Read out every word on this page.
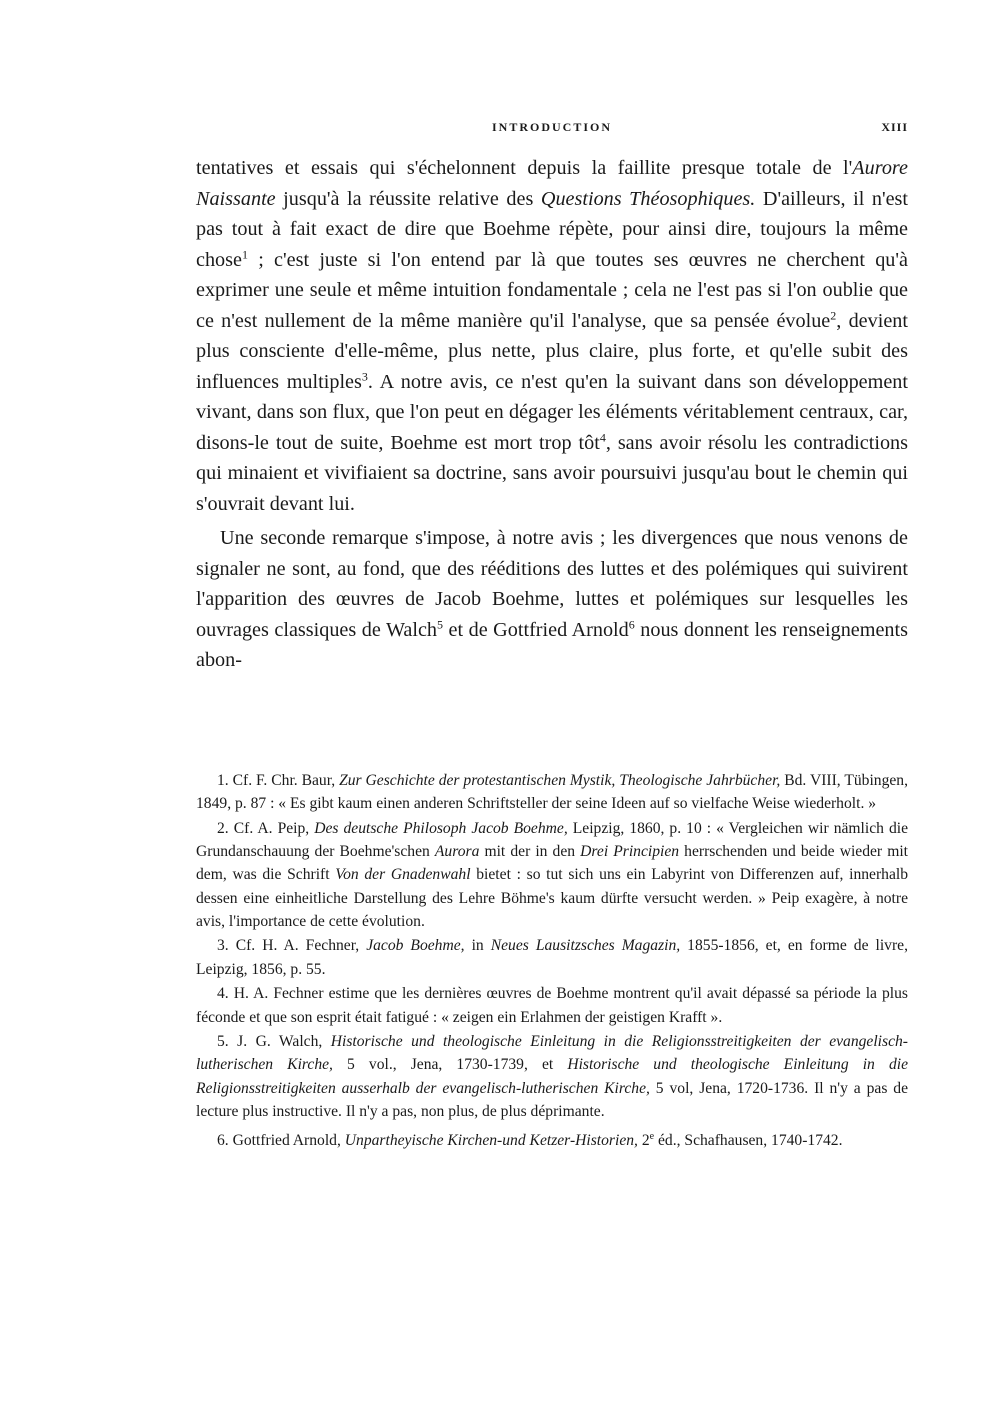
INTRODUCTION	XIII

tentatives et essais qui s'échelonnent depuis la faillite presque totale de l'Aurore Naissante jusqu'à la réussite relative des Questions Théosophiques. D'ailleurs, il n'est pas tout à fait exact de dire que Boehme répète, pour ainsi dire, toujours la même chose$^1$ ; c'est juste si l'on entend par là que toutes ses œuvres ne cherchent qu'à exprimer une seule et même intuition fondamentale ; cela ne l'est pas si l'on oublie que ce n'est nullement de la même manière qu'il l'analyse, que sa pensée évolue$^2$, devient plus consciente d'elle-même, plus nette, plus claire, plus forte, et qu'elle subit des influences multiples$^3$. A notre avis, ce n'est qu'en la suivant dans son développement vivant, dans son flux, que l'on peut en dégager les éléments véritablement centraux, car, disons-le tout de suite, Boehme est mort trop tôt$^4$, sans avoir résolu les contradictions qui minaient et vivifiaient sa doctrine, sans avoir poursuivi jusqu'au bout le chemin qui s'ouvrait devant lui.

Une seconde remarque s'impose, à notre avis ; les divergences que nous venons de signaler ne sont, au fond, que des rééditions des luttes et des polémiques qui suivirent l'apparition des œuvres de Jacob Boehme, luttes et polémiques sur lesquelles les ouvrages classiques de Walch$^5$ et de Gottfried Arnold$^6$ nous donnent les renseignements abon-

1. Cf. F. Chr. Baur, Zur Geschichte der protestantischen Mystik, Theologische Jahrbücher, Bd. VIII, Tübingen, 1849, p. 87 : « Es gibt kaum einen anderen Schriftsteller der seine Ideen auf so vielfache Weise wiederholt. »

2. Cf. A. Peip, Des deutsche Philosoph Jacob Boehme, Leipzig, 1860, p. 10 : « Vergleichen wir nämlich die Grundanschauung der Boehme'schen Aurora mit der in den Drei Principien herrschenden und beide wieder mit dem, was die Schrift Von der Gnadenwahl bietet : so tut sich uns ein Labyrint von Differenzen auf, innerhalb dessen eine einheitliche Darstellung des Lehre Böhme's kaum dürfte versucht werden. » Peip exagère, à notre avis, l'importance de cette évolution.

3. Cf. H. A. Fechner, Jacob Boehme, in Neues Lausitzsches Magazin, 1855-1856, et, en forme de livre, Leipzig, 1856, p. 55.

4. H. A. Fechner estime que les dernières œuvres de Boehme montrent qu'il avait dépassé sa période la plus féconde et que son esprit était fatigué : « zeigen ein Erlahmen der geistigen Krafft ».

5. J. G. Walch, Historische und theologische Einleitung in die Religionsstreitigkeiten der evangelisch-lutherischen Kirche, 5 vol., Jena, 1730-1739, et Historische und theologische Einleitung in die Religionsstreitigkeiten ausserhalb der evangelisch-lutherischen Kirche, 5 vol, Jena, 1720-1736. Il n'y a pas de lecture plus instructive. Il n'y a pas, non plus, de plus déprimante.

6. Gottfried Arnold, Unpartheyische Kirchen-und Ketzer-Historien, 2e éd., Schafhausen, 1740-1742.
